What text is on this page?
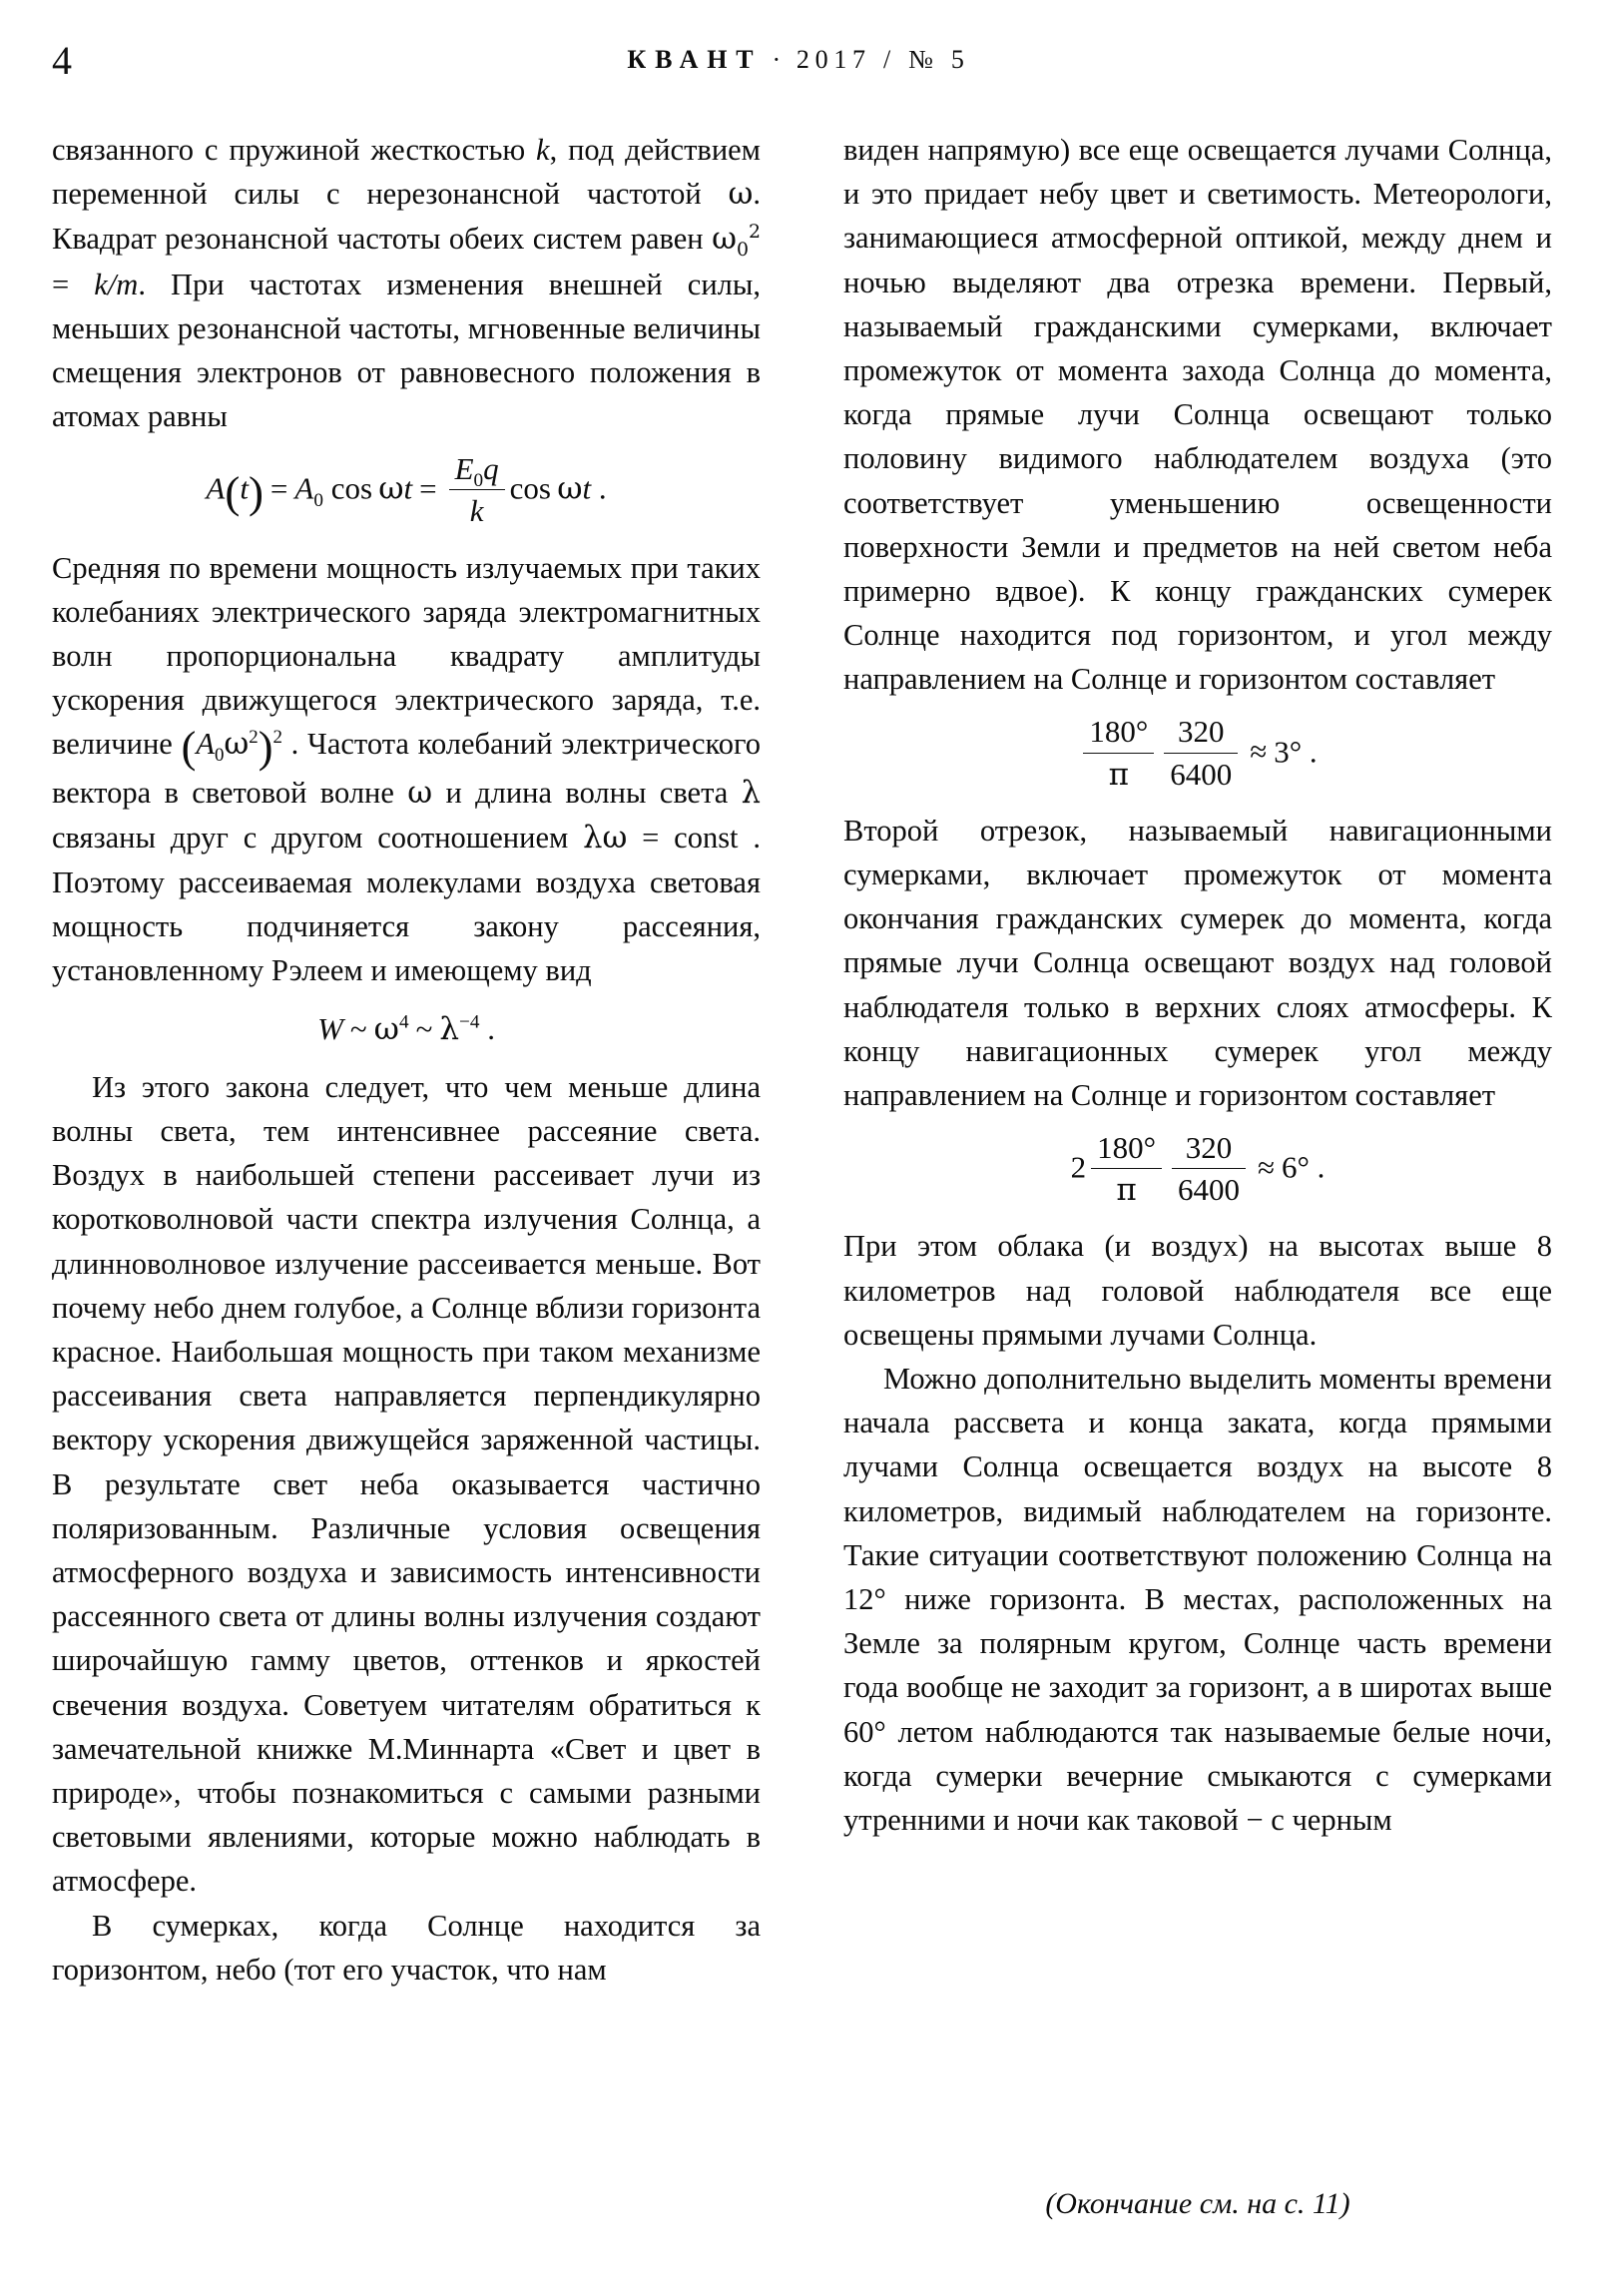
4	КВАНТ · 2017 / № 5

связанного с пружиной жесткостью k, под действием переменной силы с нерезонансной частотой ω. Квадрат резонансной частоты обеих систем равен $\omega_0^2 = k/m$. При частотах изменения внешней силы, меньших резонансной частоты, мгновенные величины смещения электронов от равновесного положения в атомах равны

$A(t) = A_0$ $\cos \omega t = \frac{E_0q}{k}$ cos ωt .

Средняя по времени мощность излучаемых при таких колебаниях электрического заряда электромагнитных волн пропорциональна квадрату амплитуды ускорения движущегося электрического заряда, т.е. величине $(A_0\omega^2)^2$ . Частота колебаний электрического вектора в световой волне ω и длина волны света λ связаны друг с другом соотношением λω = const . Поэтому рассеиваемая молекулами воздуха световая мощность подчиняется закону рассеяния, установленному Рэлеем и имеющему вид

W ~ $\omega^4$ ~ $\lambda^{-4}$ .

Из этого закона следует, что чем меньше длина волны света, тем интенсивнее рассеяние света. Воздух в наибольшей степени рассеивает лучи из коротковолновой части спектра излучения Солнца, а длинноволновое излучение рассеивается меньше. Вот почему небо днем голубое, а Солнце вблизи горизонта красное. Наибольшая мощность при таком механизме рассеивания света направляется перпендикулярно вектору ускорения движущейся заряженной частицы. В результате свет неба оказывается частично поляризованным. Различные условия освещения атмосферного воздуха и зависимость интенсивности рассеянного света от длины волны излучения создают широчайшую гамму цветов, оттенков и яркостей свечения воздуха. Советуем читателям обратиться к замечательной книжке М.Миннарта «Свет и цвет в природе», чтобы познакомиться с самыми разными световыми явлениями, которые можно наблюдать в атмосфере.

В сумерках, когда Солнце находится за горизонтом, небо (тот его участок, что нам

виден напрямую) все еще освещается лучами Солнца, и это придает небу цвет и светимость. Метеорологи, занимающиеся атмосферной оптикой, между днем и ночью выделяют два отрезка времени. Первый, называемый гражданскими сумерками, включает промежуток от момента захода Солнца до момента, когда прямые лучи Солнца освещают только половину видимого наблюдателем воздуха (это соответствует уменьшению освещенности поверхности Земли и предметов на ней светом неба примерно вдвое). К концу гражданских сумерек Солнце находится под горизонтом, и угол между направлением на Солнце и горизонтом составляет

$\frac{180^\circ}{\pi} \frac{320}{6400} \approx 3^\circ$ .

Второй отрезок, называемый навигационными сумерками, включает промежуток от момента окончания гражданских сумерек до момента, когда прямые лучи Солнца освещают воздух над головой наблюдателя только в верхних слоях атмосферы. К концу навигационных сумерек угол между направлением на Солнце и горизонтом составляет

$2 \frac{180^\circ}{\pi} \frac{320}{6400} \approx 6^\circ$ .

При этом облака (и воздух) на высотах выше 8 километров над головой наблюдателя все еще освещены прямыми лучами Солнца.

Можно дополнительно выделить моменты времени начала рассвета и конца заката, когда прямыми лучами Солнца освещается воздух на высоте 8 километров, видимый наблюдателем на горизонте. Такие ситуации соответствуют положению Солнца на 12° ниже горизонта. В местах, расположенных на Земле за полярным кругом, Солнце часть времени года вообще не заходит за горизонт, а в широтах выше 60° летом наблюдаются так называемые белые ночи, когда сумерки вечерние смыкаются с сумерками утренними и ночи как таковой − с черным

(Окончание см. на с. 11)
